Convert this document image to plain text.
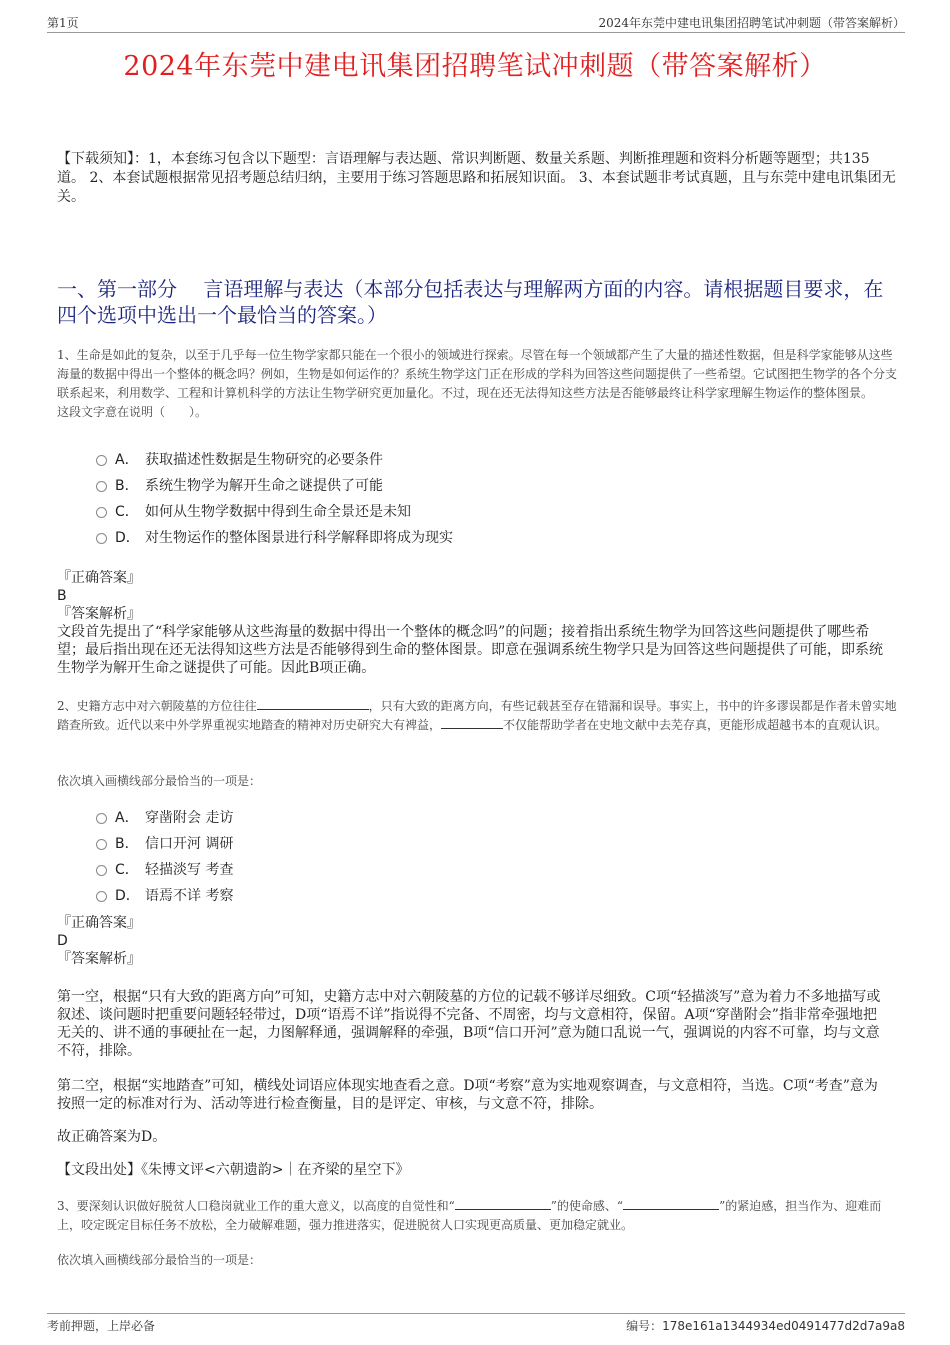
第1页	2024年东莞中建电讯集团招聘笔试冲刺题（带答案解析）
2024年东莞中建电讯集团招聘笔试冲刺题（带答案解析）
【下载须知】：1，本套练习包含以下题型：言语理解与表达题、常识判断题、数量关系题、判断推理题和资料分析题等题型；共135道。 2、本套试题根据常见招考题总结归纳，主要用于练习答题思路和拓展知识面。 3、本套试题非考试真题，且与东莞中建电讯集团无关。
一、第一部分　 言语理解与表达（本部分包括表达与理解两方面的内容。请根据题目要求，在四个选项中选出一个最恰当的答案。）
1、生命是如此的复杂，以至于几乎每一位生物学家都只能在一个很小的领域进行探索。尽管在每一个领域都产生了大量的描述性数据，但是科学家能够从这些海量的数据中得出一个整体的概念吗？例如，生物是如何运作的？系统生物学这门正在形成的学科为回答这些问题提供了一些希望。它试图把生物学的各个分支联系起来，利用数学、工程和计算机科学的方法让生物学研究更加量化。不过，现在还无法得知这些方法是否能够最终让科学家理解生物运作的整体图景。
这段文字意在说明（　　）。
A． 获取描述性数据是生物研究的必要条件
B． 系统生物学为解开生命之谜提供了可能
C． 如何从生物学数据中得到生命全景还是未知
D． 对生物运作的整体图景进行科学解释即将成为现实
『正确答案』
B
『答案解析』
文段首先提出了“科学家能够从这些海量的数据中得出一个整体的概念吗”的问题；接着指出系统生物学为回答这些问题提供了哪些希望；最后指出现在还无法得知这些方法是否能够得到生命的整体图景。即意在强调系统生物学只是为回答这些问题提供了可能，即系统生物学为解开生命之谜提供了可能。因此B项正确。
2、史籍方志中对六朝陵墓的方位往往	，只有大致的距离方向，有些记载甚至存在错漏和误导。事实上，书中的许多谬误都是作者未曾实地踏查所致。近代以来中外学界重视实地踏查的精神对历史研究大有裨益，	不仅能帮助学者在史地文献中去芜存真，更能形成超越书本的直观认识。
依次填入画横线部分最恰当的一项是：
A． 穿凿附会 走访
B． 信口开河 调研
C． 轻描淡写 考查
D． 语焉不详 考察
『正确答案』
D
『答案解析』
第一空，根据“只有大致的距离方向”可知，史籍方志中对六朝陵墓的方位的记载不够详尽细致。C项“轻描淡写”意为着力不多地描写或叙述、谈问题时把重要问题轻轻带过，D项“语焉不详”指说得不完备、不周密，均与文意相符，保留。A项“穿凿附会”指非常牵强地把无关的、讲不通的事硬扯在一起，力图解释通，强调解释的牵强，B项“信口开河”意为随口乱说一气，强调说的内容不可靠，均与文意不符，排除。
第二空，根据“实地踏查”可知，横线处词语应体现实地查看之意。D项“考察”意为实地观察调查，与文意相符，当选。C项“考查”意为按照一定的标准对行为、活动等进行检查衡量，目的是评定、审核，与文意不符，排除。
故正确答案为D。
【文段出处】《朱博文评<六朝遗韵>｜在齐梁的星空下》
3、要深刻认识做好脱贫人口稳岗就业工作的重大意义，以高度的自觉性和“	”的使命感、“	”的紧迫感，担当作为、迎难而上，咬定既定目标任务不放松，全力破解难题，强力推进落实，促进脱贫人口实现更高质量、更加稳定就业。
依次填入画横线部分最恰当的一项是：
考前押题，上岸必备	编号：178e161a1344934ed0491477d2d7a9a8
